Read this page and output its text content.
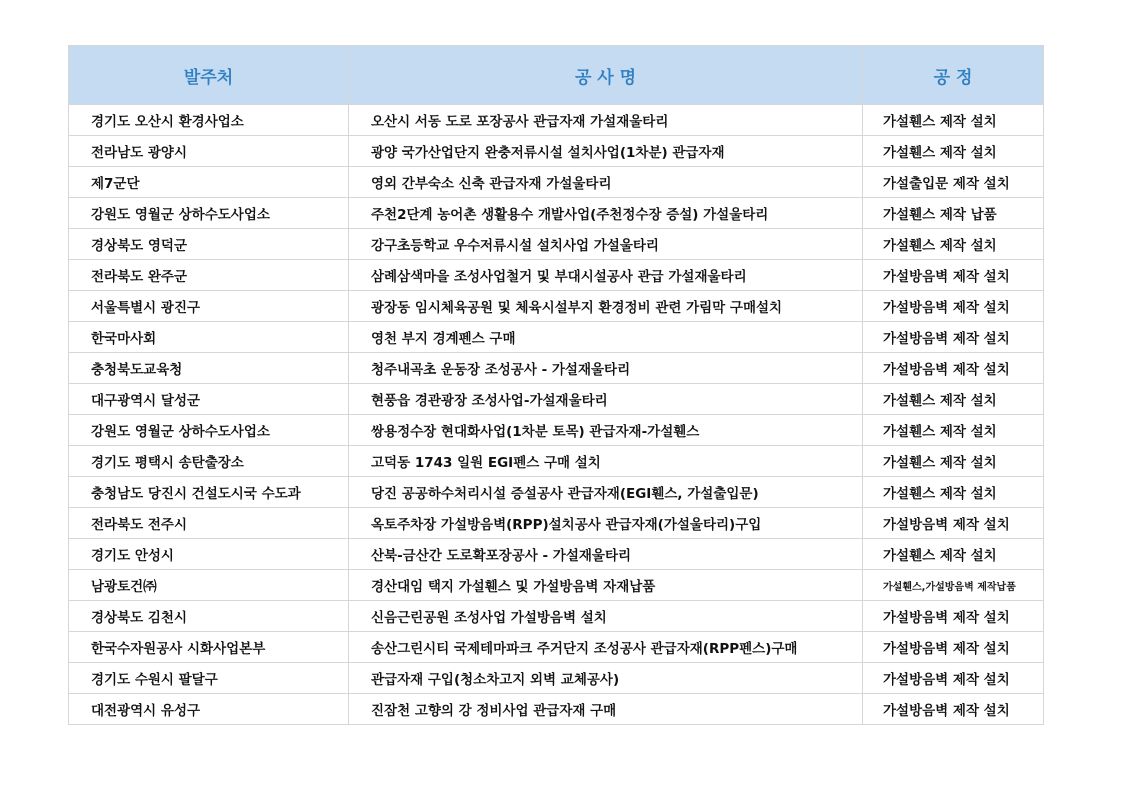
발주처	공 사 명	공 정
경기도 오산시 환경사업소	오산시 서동 도로 포장공사 관급자재 가설재울타리	가설휀스 제작 설치
전라남도 광양시	광양 국가산업단지 완충저류시설 설치사업(1차분) 관급자재	가설휀스 제작 설치
제7군단	영외 간부숙소 신축 관급자재 가설울타리	가설출입문 제작 설치
강원도 영월군 상하수도사업소	주천2단계 농어촌 생활용수 개발사업(주천정수장 증설) 가설울타리	가설휀스 제작 납품
경상북도 영덕군	강구초등학교 우수저류시설 설치사업 가설울타리	가설휀스 제작 설치
전라북도 완주군	삼례삼색마을 조성사업철거 및 부대시설공사 관급 가설재울타리	가설방음벽 제작 설치
서울특별시 광진구	광장동 임시체육공원 및 체육시설부지 환경정비 관련 가림막 구매설치	가설방음벽 제작 설치
한국마사회	영천 부지 경계펜스 구매	가설방음벽 제작 설치
충청북도교육청	청주내곡초 운동장 조성공사 - 가설재울타리	가설방음벽 제작 설치
대구광역시 달성군	현풍읍 경관광장 조성사업-가설재울타리	가설휀스 제작 설치
강원도 영월군 상하수도사업소	쌍용정수장 현대화사업(1차분 토목) 관급자재-가설휀스	가설휀스 제작 설치
경기도 평택시 송탄출장소	고덕동 1743 일원 EGI펜스 구매 설치	가설휀스 제작 설치
충청남도 당진시 건설도시국 수도과	당진 공공하수처리시설 증설공사 관급자재(EGI휀스, 가설출입문)	가설휀스 제작 설치
전라북도 전주시	옥토주차장 가설방음벽(RPP)설치공사 관급자재(가설울타리)구입	가설방음벽 제작 설치
경기도 안성시	산북-금산간 도로확포장공사 - 가설재울타리	가설휀스 제작 설치
남광토건㈜	경산대임 택지 가설휀스 및 가설방음벽 자재납품	가설휀스,가설방음벽 제작납품
경상북도 김천시	신음근린공원 조성사업 가설방음벽 설치	가설방음벽 제작 설치
한국수자원공사 시화사업본부	송산그린시티 국제테마파크 주거단지 조성공사 관급자재(RPP펜스)구매	가설방음벽 제작 설치
경기도 수원시 팔달구	관급자재 구입(청소차고지 외벽 교체공사)	가설방음벽 제작 설치
대전광역시 유성구	진잠천 고향의 강 정비사업 관급자재 구매	가설방음벽 제작 설치
